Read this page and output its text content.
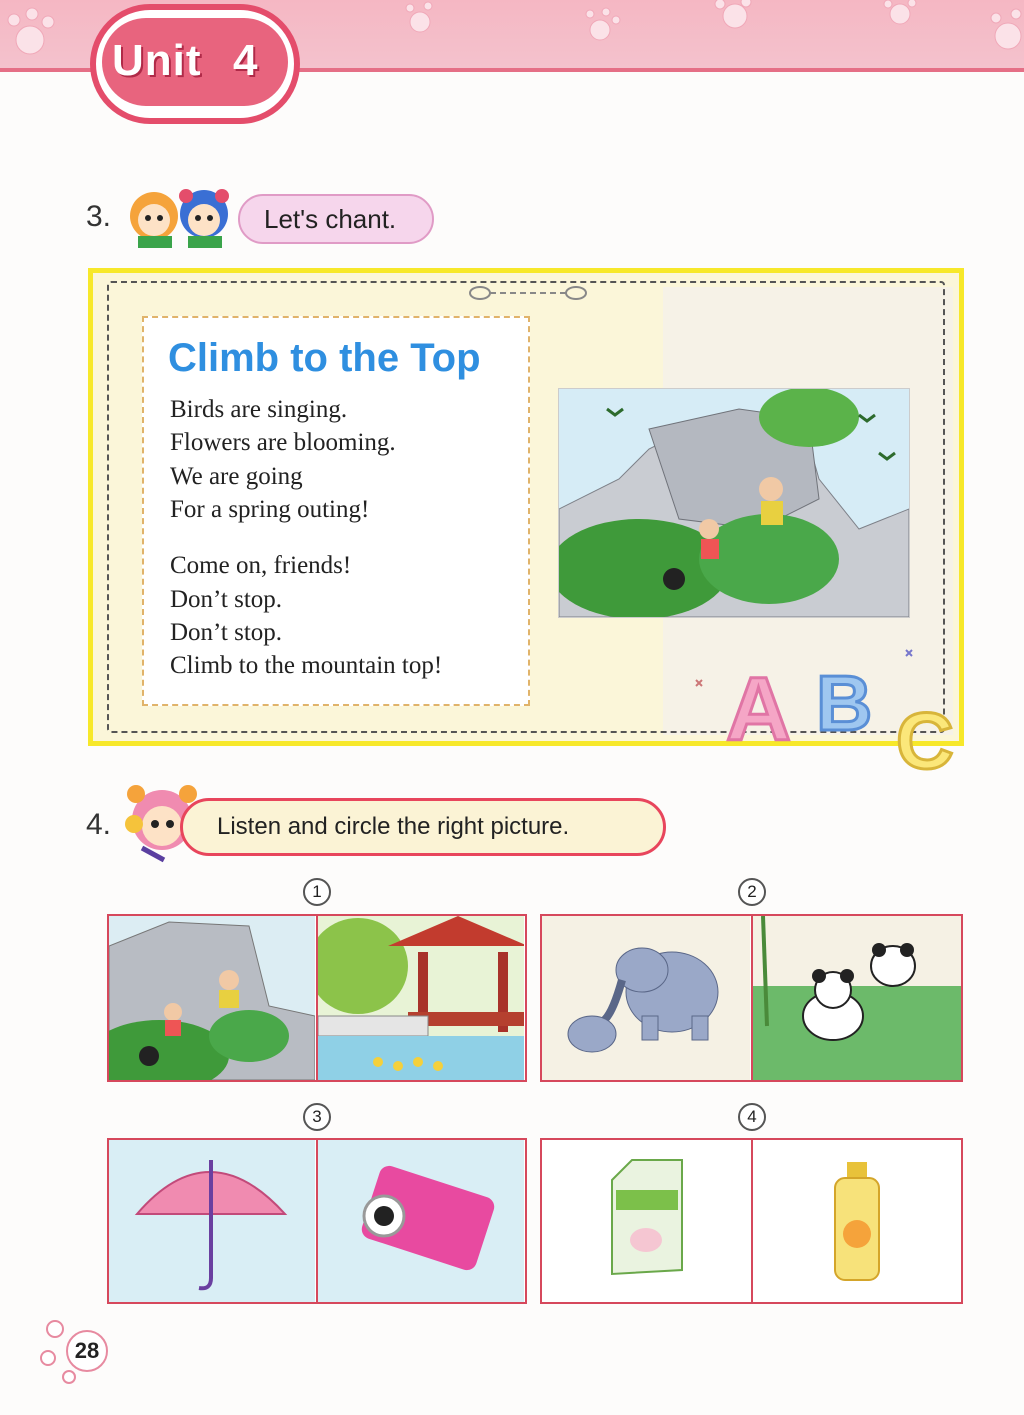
Unit 4
3.	Let's chant.
Climb to the Top
Birds are singing.
Flowers are blooming.
We are going
For a spring outing!
Come on, friends!
Don’t stop.
Don’t stop.
Climb to the mountain top!	A B C
4.	Listen and circle the right picture.
1	2
3	4
28
